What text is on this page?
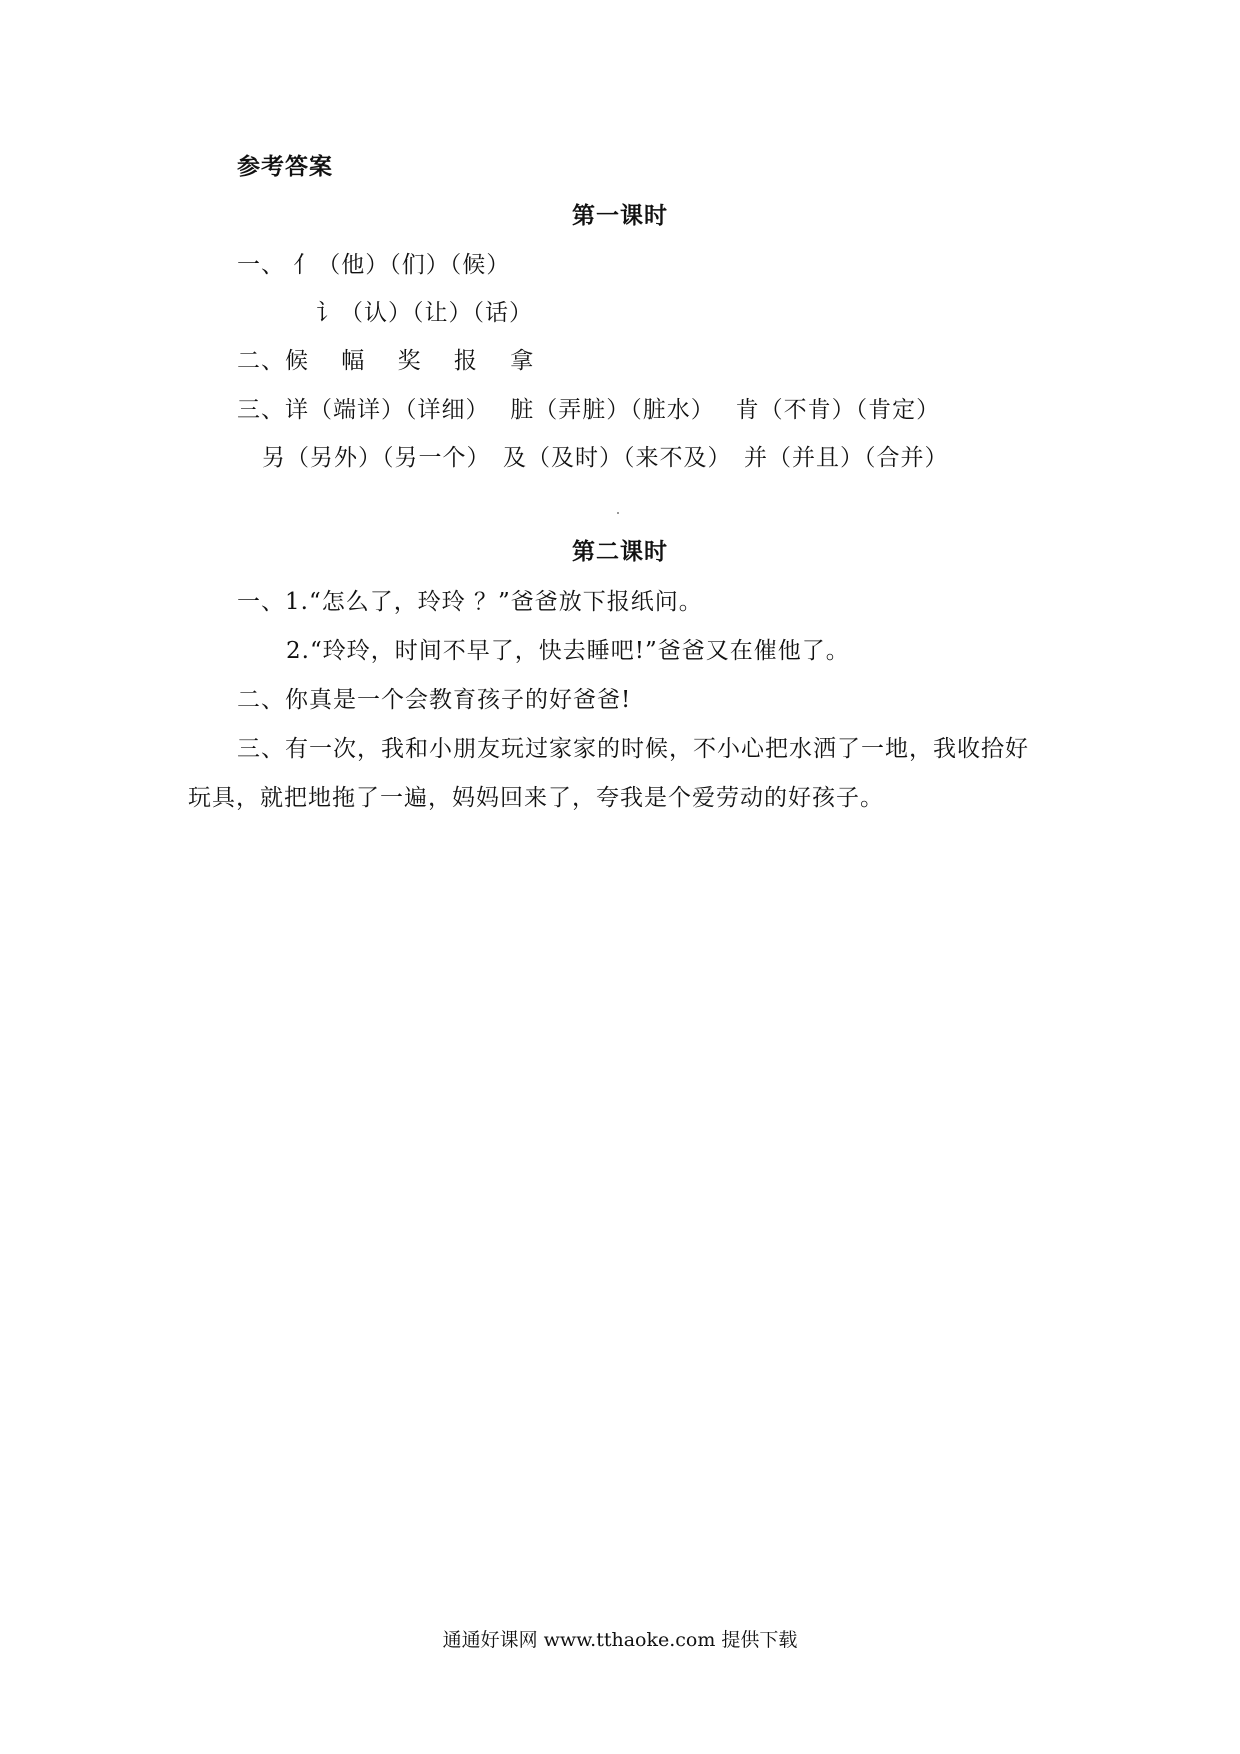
参考答案
第一课时
一、 亻（他）（们）（候）
讠（认）（让）（话）
二、候　 幅　 奖　 报　 拿
三、详（端详）（详细）　 脏（弄脏）（脏水）　 肯（不肯）（肯定）
另（另外）（另一个）　及（及时）（来不及）　并（并且）（合并）
第二课时
一、1.“怎么了，玲玲 ？”爸爸放下报纸问。
2.“玲玲，时间不早了，快去睡吧!”爸爸又在催他了。
二、你真是一个会教育孩子的好爸爸!
三、有一次，我和小朋友玩过家家的时候，不小心把水洒了一地，我收拾好
玩具，就把地拖了一遍，妈妈回来了，夸我是个爱劳动的好孩子。
通通好课网 www.tthaoke.com 提供下载
